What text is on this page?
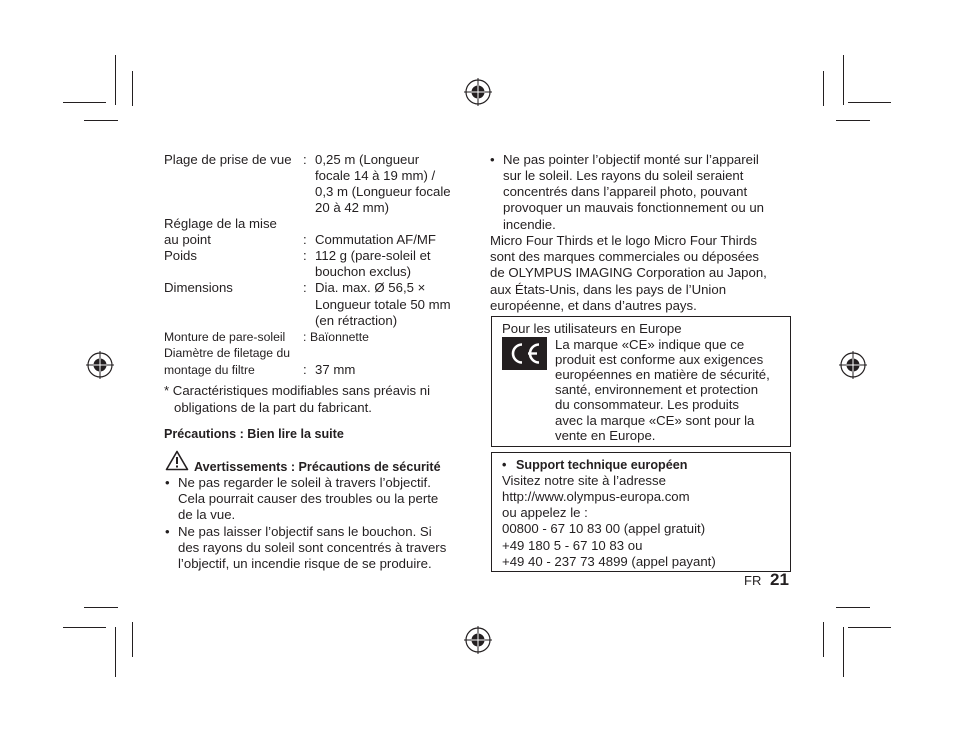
Plage de prise de vue : 0,25 m (Longueur
focale 14 à 19 mm) /
0,3 m (Longueur focale
20 à 42 mm)
Réglage de la mise
au point	: Commutation AF/MF
Poids	: 112 g (pare-soleil et
bouchon exclus)
Dimensions	: Dia. max. Ø 56,5 ×
Longueur totale 50 mm
(en rétraction)
Monture de pare-soleil : Baïonnette
Diamètre de filetage du
montage du filtre	: 37 mm
* Caractéristiques modifiables sans préavis ni
obligations de la part du fabricant.
Précautions : Bien lire la suite
Avertissements : Précautions de sécurité
• Ne pas regarder le soleil à travers l’objectif.
Cela pourrait causer des troubles ou la perte
de la vue.
• Ne pas laisser l’objectif sans le bouchon. Si
des rayons du soleil sont concentrés à travers
l’objectif, un incendie risque de se produire.
• Ne pas pointer l’objectif monté sur l’appareil
sur le soleil. Les rayons du soleil seraient
concentrés dans l’appareil photo, pouvant
provoquer un mauvais fonctionnement ou un
incendie.
Micro Four Thirds et le logo Micro Four Thirds
sont des marques commerciales ou déposées
de OLYMPUS IMAGING Corporation au Japon,
aux États-Unis, dans les pays de l’Union
européenne, et dans d’autres pays.
Pour les utilisateurs en Europe
La marque «CE» indique que ce
produit est conforme aux exigences
européennes en matière de sécurité,
santé, environnement et protection
du consommateur. Les produits
avec la marque «CE» sont pour la
vente en Europe.
• Support technique européen
Visitez notre site à l’adresse
http://www.olympus-europa.com
ou appelez le :
00800 - 67 10 83 00 (appel gratuit)
+49 180 5 - 67 10 83 ou
+49 40 - 237 73 4899 (appel payant)
FR 21
